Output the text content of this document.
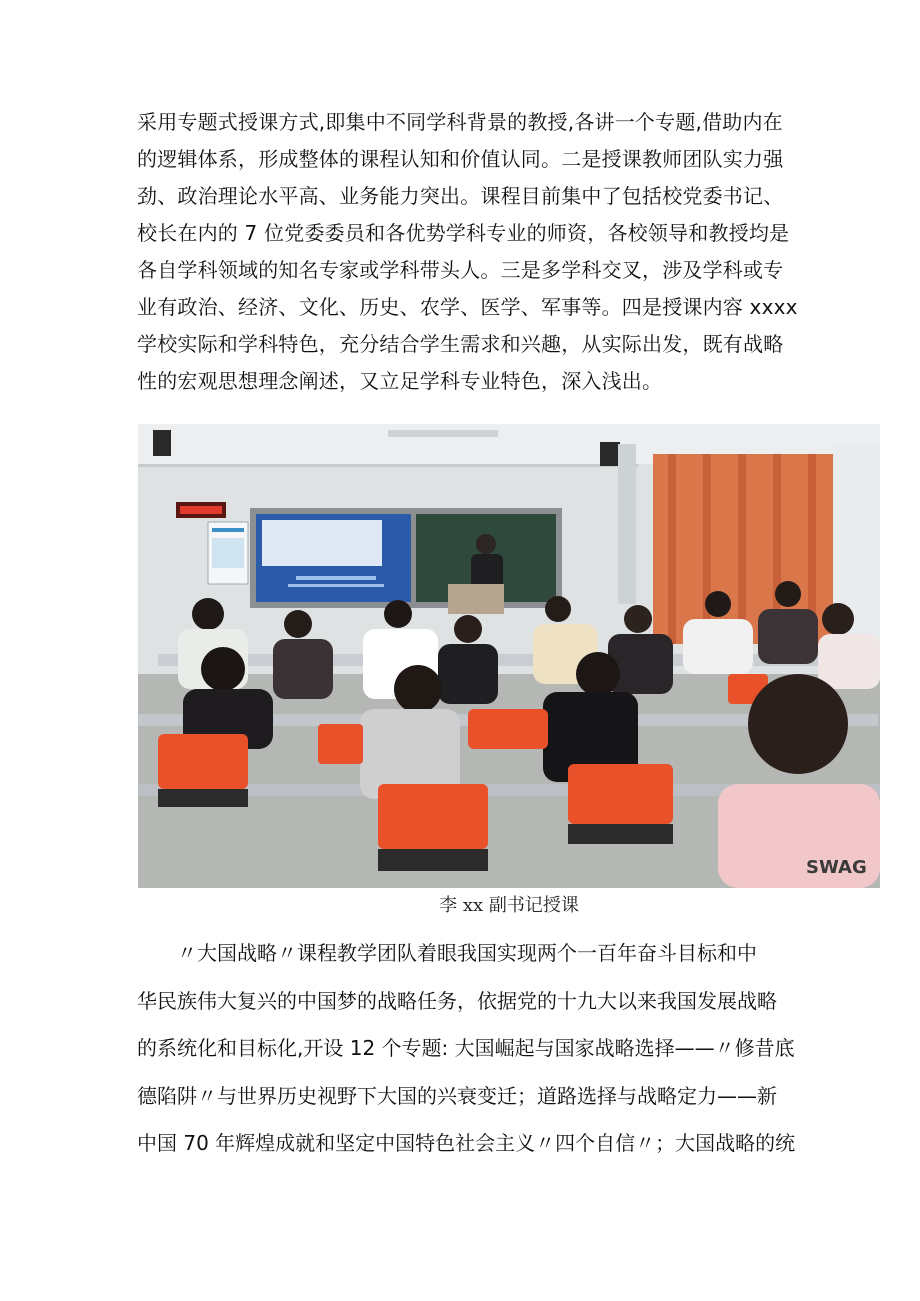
采用专题式授课方式,即集中不同学科背景的教授,各讲一个专题,借助内在
的逻辑体系，形成整体的课程认知和价值认同。二是授课教师团队实力强
劲、政治理论水平高、业务能力突出。课程目前集中了包括校党委书记、
校长在内的 7 位党委委员和各优势学科专业的师资，各校领导和教授均是
各自学科领域的知名专家或学科带头人。三是多学科交叉，涉及学科或专
业有政治、经济、文化、历史、农学、医学、军事等。四是授课内容 xxxx
学校实际和学科特色，充分结合学生需求和兴趣，从实际出发，既有战略
性的宏观思想理念阐述，又立足学科专业特色，深入浅出。
SWAG

李 xx 副书记授课

〃大国战略〃课程教学团队着眼我国实现两个一百年奋斗目标和中
华民族伟大复兴的中国梦的战略任务，依据党的十九大以来我国发展战略
的系统化和目标化,开设 12 个专题: 大国崛起与国家战略选择——〃修昔底
德陷阱〃与世界历史视野下大国的兴衰变迁；道路选择与战略定力——新
中国 70 年辉煌成就和坚定中国特色社会主义〃四个自信〃；大国战略的统
